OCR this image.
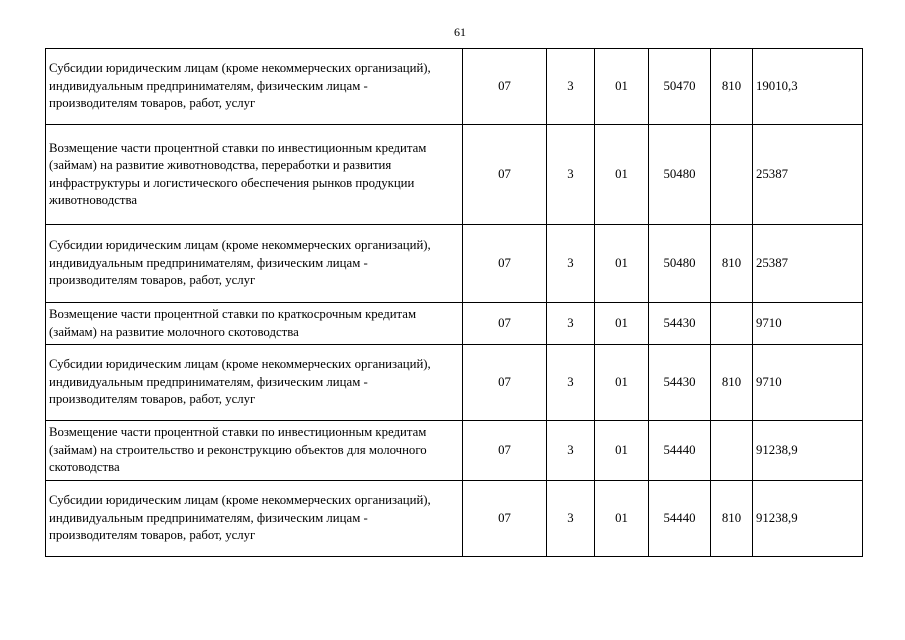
61
Субсидии юридическим лицам (кроме некоммерческих организаций), индивидуальным предпринимателям, физическим лицам - производителям товаров, работ, услуг	07	3	01	50470	810	19010,3
Возмещение части процентной ставки по инвестиционным кредитам (займам) на развитие животноводства, переработки и развития инфраструктуры и логистического обеспечения рынков продукции животноводства	07	3	01	50480		25387
Субсидии юридическим лицам (кроме некоммерческих организаций), индивидуальным предпринимателям, физическим лицам - производителям товаров, работ, услуг	07	3	01	50480	810	25387
Возмещение части процентной ставки по краткосрочным кредитам (займам) на развитие молочного скотоводства	07	3	01	54430		9710
Субсидии юридическим лицам (кроме некоммерческих организаций), индивидуальным предпринимателям, физическим лицам - производителям товаров, работ, услуг	07	3	01	54430	810	9710
Возмещение части процентной ставки по инвестиционным кредитам (займам) на строительство и реконструкцию объектов для молочного скотоводства	07	3	01	54440		91238,9
Субсидии юридическим лицам (кроме некоммерческих организаций), индивидуальным предпринимателям, физическим лицам - производителям товаров, работ, услуг	07	3	01	54440	810	91238,9
